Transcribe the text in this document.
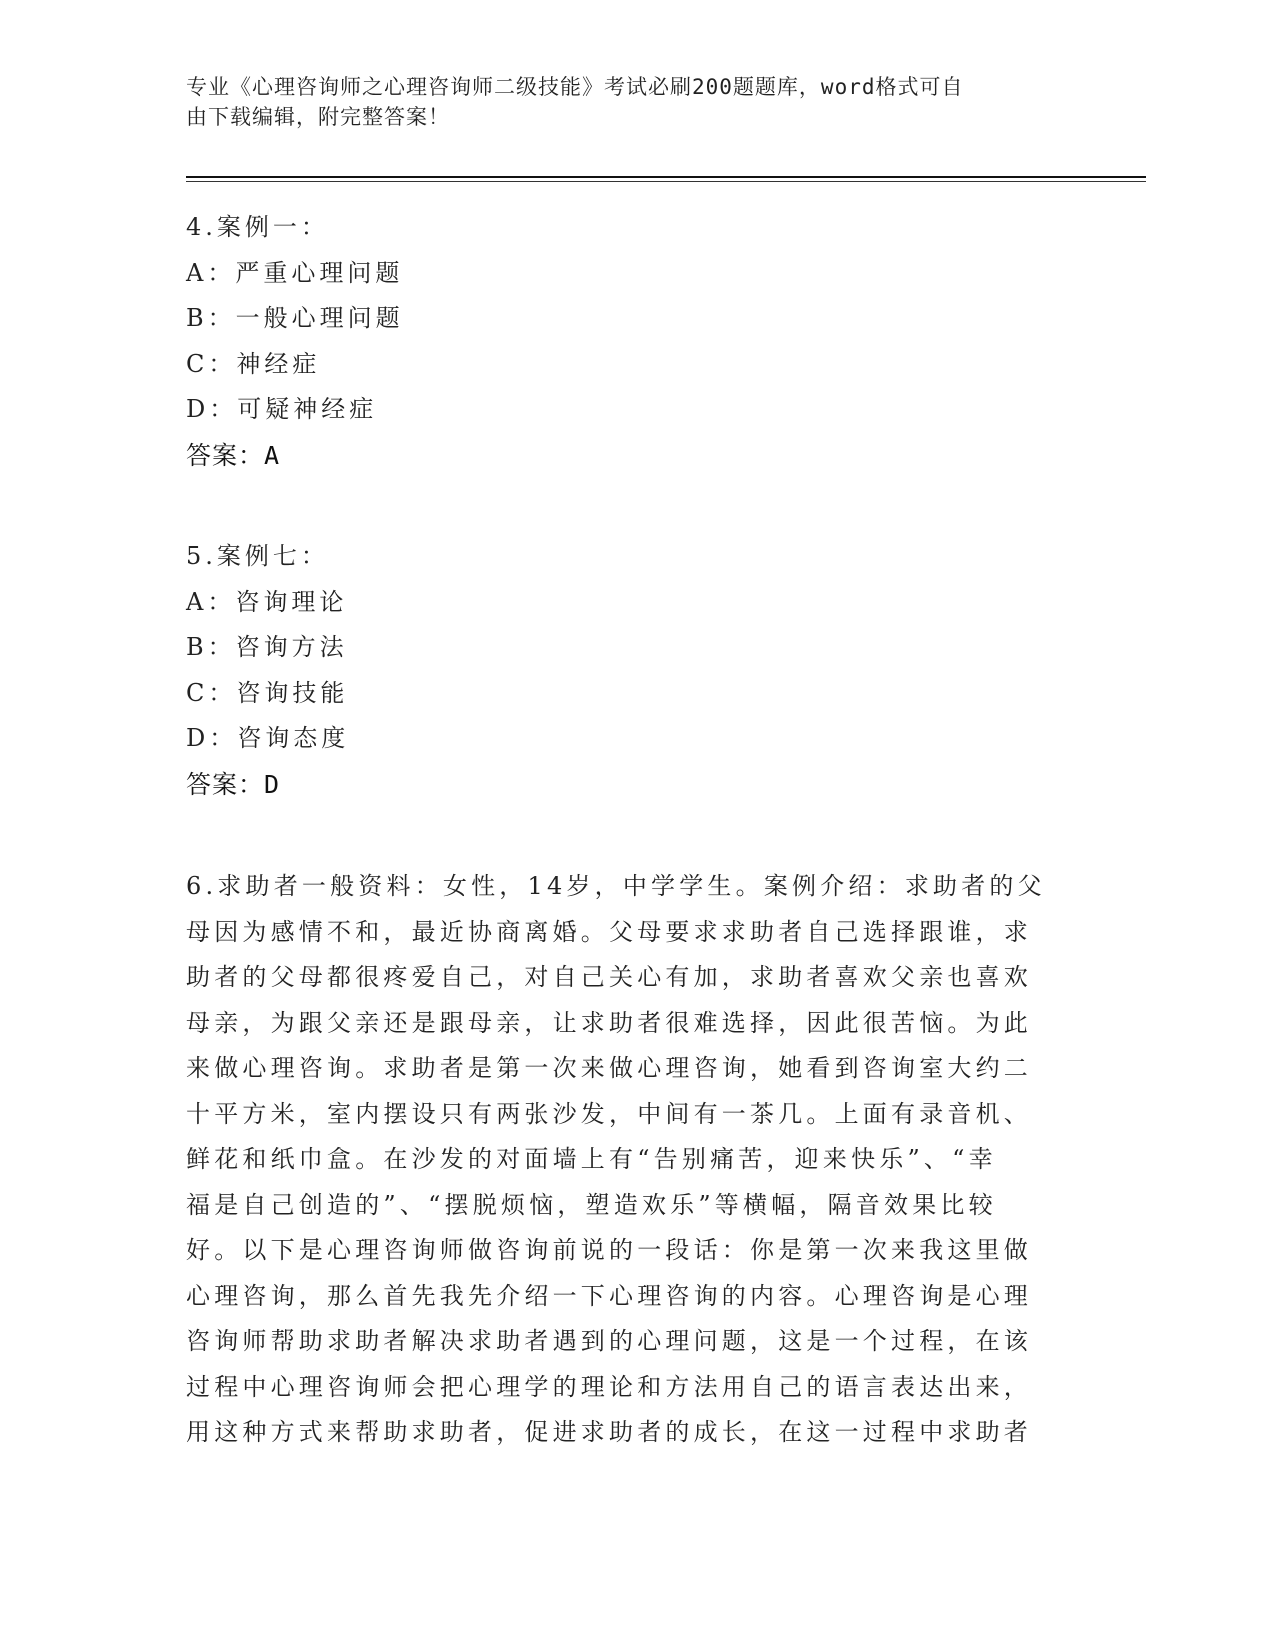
专业《心理咨询师之心理咨询师二级技能》考试必刷200题题库，word格式可自
由下载编辑，附完整答案！
4.案例一：
A：严重心理问题
B：一般心理问题
C：神经症
D：可疑神经症
答案：A
5.案例七：
A：咨询理论
B：咨询方法
C：咨询技能
D：咨询态度
答案：D
6.求助者一般资料：女性，14岁，中学学生。案例介绍：求助者的父
母因为感情不和，最近协商离婚。父母要求求助者自己选择跟谁，求
助者的父母都很疼爱自己，对自己关心有加，求助者喜欢父亲也喜欢
母亲，为跟父亲还是跟母亲，让求助者很难选择，因此很苦恼。为此
来做心理咨询。求助者是第一次来做心理咨询，她看到咨询室大约二
十平方米，室内摆设只有两张沙发，中间有一茶几。上面有录音机、
鲜花和纸巾盒。在沙发的对面墙上有“告别痛苦，迎来快乐”、“幸
福是自己创造的”、“摆脱烦恼，塑造欢乐”等横幅，隔音效果比较
好。以下是心理咨询师做咨询前说的一段话：你是第一次来我这里做
心理咨询，那么首先我先介绍一下心理咨询的内容。心理咨询是心理
咨询师帮助求助者解决求助者遇到的心理问题，这是一个过程，在该
过程中心理咨询师会把心理学的理论和方法用自己的语言表达出来，
用这种方式来帮助求助者，促进求助者的成长，在这一过程中求助者
